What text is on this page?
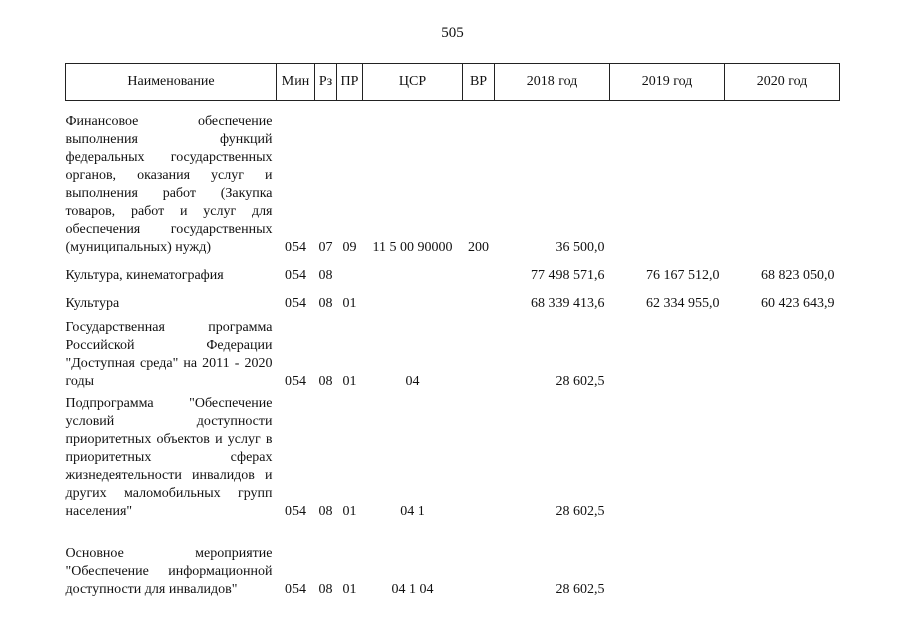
505
Наименование	Мин	Рз	ПР	ЦСР	ВР	2018 год	2019 год	2020 год
Финансовое обеспечение выполнения функций федеральных государственных органов, оказания услуг и выполнения работ (Закупка товаров, работ и услуг для обеспечения государственных (муниципальных) нужд)	054	07	09	11 5 00 90000	200	36 500,0		
Культура, кинематография	054	08				77 498 571,6	76 167 512,0	68 823 050,0
Культура	054	08	01			68 339 413,6	62 334 955,0	60 423 643,9
Государственная программа Российской Федерации "Доступная среда" на 2011 - 2020 годы	054	08	01	04		28 602,5		
Подпрограмма "Обеспечение условий доступности приоритетных объектов и услуг в приоритетных сферах жизнедеятельности инвалидов и других маломобильных групп населения"	054	08	01	04 1		28 602,5		
Основное мероприятие "Обеспечение информационной доступности для инвалидов"	054	08	01	04 1 04		28 602,5		
